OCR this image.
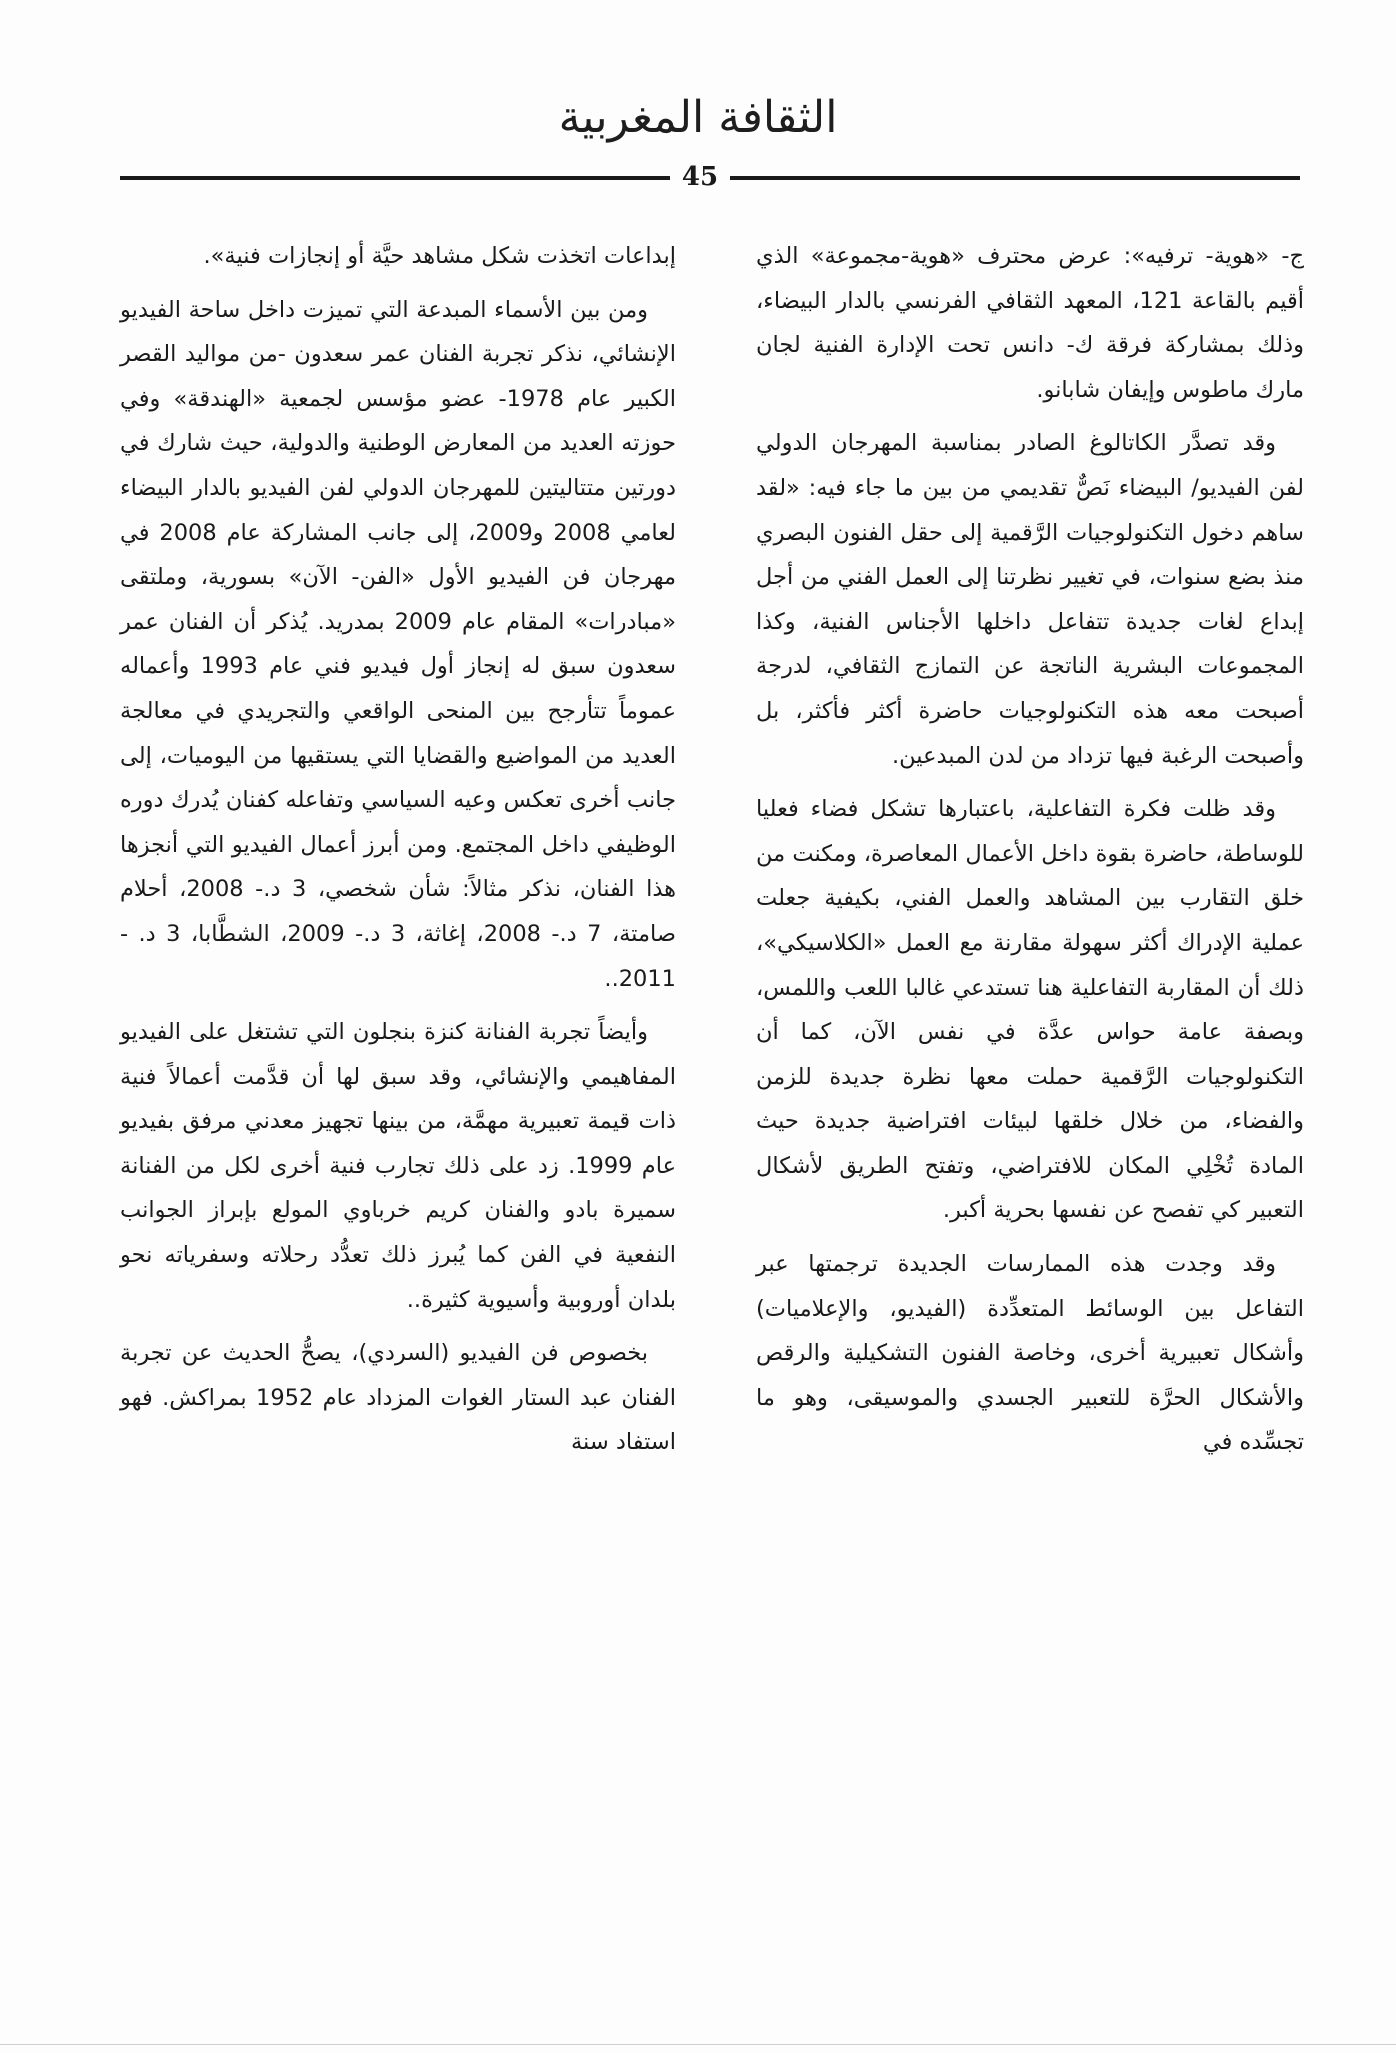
الثقافة المغربية
45

ج- «هوية- ترفيه»: عرض محترف «هوية-مجموعة» الذي أقيم بالقاعة 121، المعهد الثقافي الفرنسي بالدار البيضاء، وذلك بمشاركة فرقة ك- دانس تحت الإدارة الفنية لجان مارك ماطوس وإيفان شابانو.

وقد تصدَّر الكاتالوغ الصادر بمناسبة المهرجان الدولي لفن الفيديو/ البيضاء نَصٌّ تقديمي من بين ما جاء فيه: «لقد ساهم دخول التكنولوجيات الرَّقمية إلى حقل الفنون البصري منذ بضع سنوات، في تغيير نظرتنا إلى العمل الفني من أجل إبداع لغات جديدة تتفاعل داخلها الأجناس الفنية، وكذا المجموعات البشرية الناتجة عن التمازج الثقافي، لدرجة أصبحت معه هذه التكنولوجيات حاضرة أكثر فأكثر، بل وأصبحت الرغبة فيها تزداد من لدن المبدعين.

وقد ظلت فكرة التفاعلية، باعتبارها تشكل فضاء فعليا للوساطة، حاضرة بقوة داخل الأعمال المعاصرة، ومكنت من خلق التقارب بين المشاهد والعمل الفني، بكيفية جعلت عملية الإدراك أكثر سهولة مقارنة مع العمل «الكلاسيكي»، ذلك أن المقاربة التفاعلية هنا تستدعي غالبا اللعب واللمس، وبصفة عامة حواس عدَّة في نفس الآن، كما أن التكنولوجيات الرَّقمية حملت معها نظرة جديدة للزمن والفضاء، من خلال خلقها لبيئات افتراضية جديدة حيث المادة تُخْلِي المكان للافتراضي، وتفتح الطريق لأشكال التعبير كي تفصح عن نفسها بحرية أكبر.

وقد وجدت هذه الممارسات الجديدة ترجمتها عبر التفاعل بين الوسائط المتعدِّدة (الفيديو، والإعلاميات) وأشكال تعبيرية أخرى، وخاصة الفنون التشكيلية والرقص والأشكال الحرَّة للتعبير الجسدي والموسيقى، وهو ما تجسِّده في

إبداعات اتخذت شكل مشاهد حيَّة أو إنجازات فنية».

ومن بين الأسماء المبدعة التي تميزت داخل ساحة الفيديو الإنشائي، نذكر تجربة الفنان عمر سعدون -من مواليد القصر الكبير عام 1978- عضو مؤسس لجمعية «الهندقة» وفي حوزته العديد من المعارض الوطنية والدولية، حيث شارك في دورتين متتاليتين للمهرجان الدولي لفن الفيديو بالدار البيضاء لعامي 2008 و2009، إلى جانب المشاركة عام 2008 في مهرجان فن الفيديو الأول «الفن- الآن» بسورية، وملتقى «مبادرات» المقام عام 2009 بمدريد. يُذكر أن الفنان عمر سعدون سبق له إنجاز أول فيديو فني عام 1993 وأعماله عموماً تتأرجح بين المنحى الواقعي والتجريدي في معالجة العديد من المواضيع والقضايا التي يستقيها من اليوميات، إلى جانب أخرى تعكس وعيه السياسي وتفاعله كفنان يُدرك دوره الوظيفي داخل المجتمع. ومن أبرز أعمال الفيديو التي أنجزها هذا الفنان، نذكر مثالاً: شأن شخصي، 3 د.- 2008، أحلام صامتة، 7 د.- 2008، إغاثة، 3 د.- 2009، الشطَّابا، 3 د. - 2011..

وأيضاً تجربة الفنانة كنزة بنجلون التي تشتغل على الفيديو المفاهيمي والإنشائي، وقد سبق لها أن قدَّمت أعمالاً فنية ذات قيمة تعبيرية مهمَّة، من بينها تجهيز معدني مرفق بفيديو عام 1999. زد على ذلك تجارب فنية أخرى لكل من الفنانة سميرة بادو والفنان كريم خرباوي المولع بإبراز الجوانب النفعية في الفن كما يُبرز ذلك تعدُّد رحلاته وسفرياته نحو بلدان أوروبية وأسيوية كثيرة..

بخصوص فن الفيديو (السردي)، يصحُّ الحديث عن تجربة الفنان عبد الستار الغوات المزداد عام 1952 بمراكش. فهو استفاد سنة
